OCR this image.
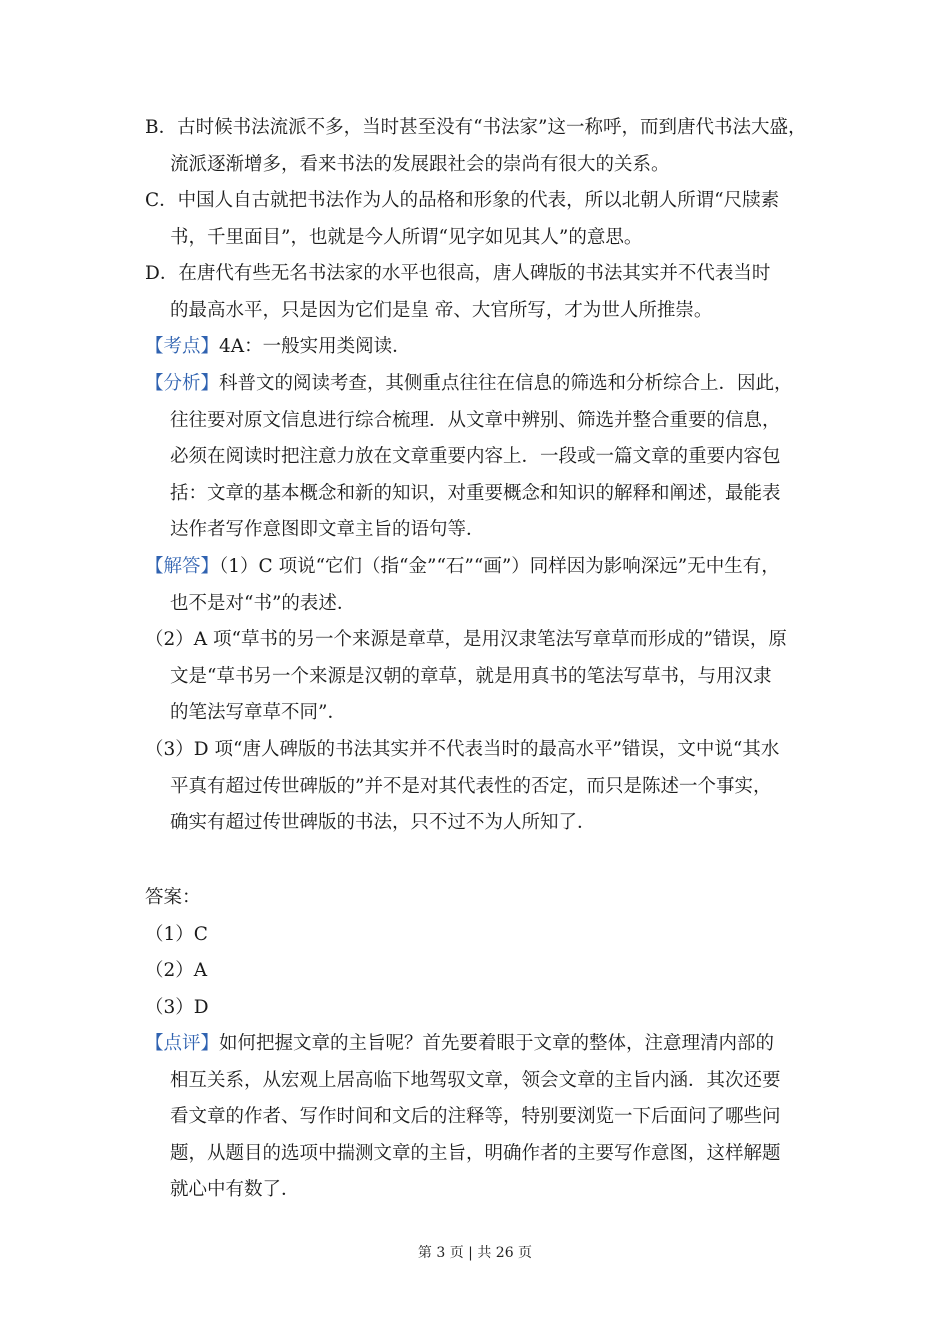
B．古时候书法流派不多，当时甚至没有“书法家”这一称呼，而到唐代书法大盛，
流派逐渐增多，看来书法的发展跟社会的崇尚有很大的关系。
C．中国人自古就把书法作为人的品格和形象的代表，所以北朝人所谓“尺牍素
书，千里面目”，也就是今人所谓“见字如见其人”的意思。
D．在唐代有些无名书法家的水平也很高，唐人碑版的书法其实并不代表当时
的最高水平，只是因为它们是皇 帝、大官所写，才为世人所推崇。
【考点】4A：一般实用类阅读．
【分析】科普文的阅读考查，其侧重点往往在信息的筛选和分析综合上．因此，
往往要对原文信息进行综合梳理．从文章中辨别、筛选并整合重要的信息，
必须在阅读时把注意力放在文章重要内容上．一段或一篇文章的重要内容包
括：文章的基本概念和新的知识，对重要概念和知识的解释和阐述，最能表
达作者写作意图即文章主旨的语句等．
【解答】（1）C 项说“它们（指“金”“石”“画”）同样因为影响深远”无中生有，
也不是对“书”的表述．
（2）A 项“草书的另一个来源是章草，是用汉隶笔法写章草而形成的”错误，原
文是“草书另一个来源是汉朝的章草，就是用真书的笔法写草书，与用汉隶
的笔法写章草不同”．
（3）D 项“唐人碑版的书法其实并不代表当时的最高水平”错误，文中说“其水
平真有超过传世碑版的”并不是对其代表性的否定，而只是陈述一个事实，
确实有超过传世碑版的书法，只不过不为人所知了．
答案：
（1）C
（2）A
（3）D
【点评】如何把握文章的主旨呢？首先要着眼于文章的整体，注意理清内部的
相互关系，从宏观上居高临下地驾驭文章，领会文章的主旨内涵．其次还要
看文章的作者、写作时间和文后的注释等，特别要浏览一下后面问了哪些问
题，从题目的选项中揣测文章的主旨，明确作者的主要写作意图，这样解题
就心中有数了．
第 3 页 | 共 26 页
